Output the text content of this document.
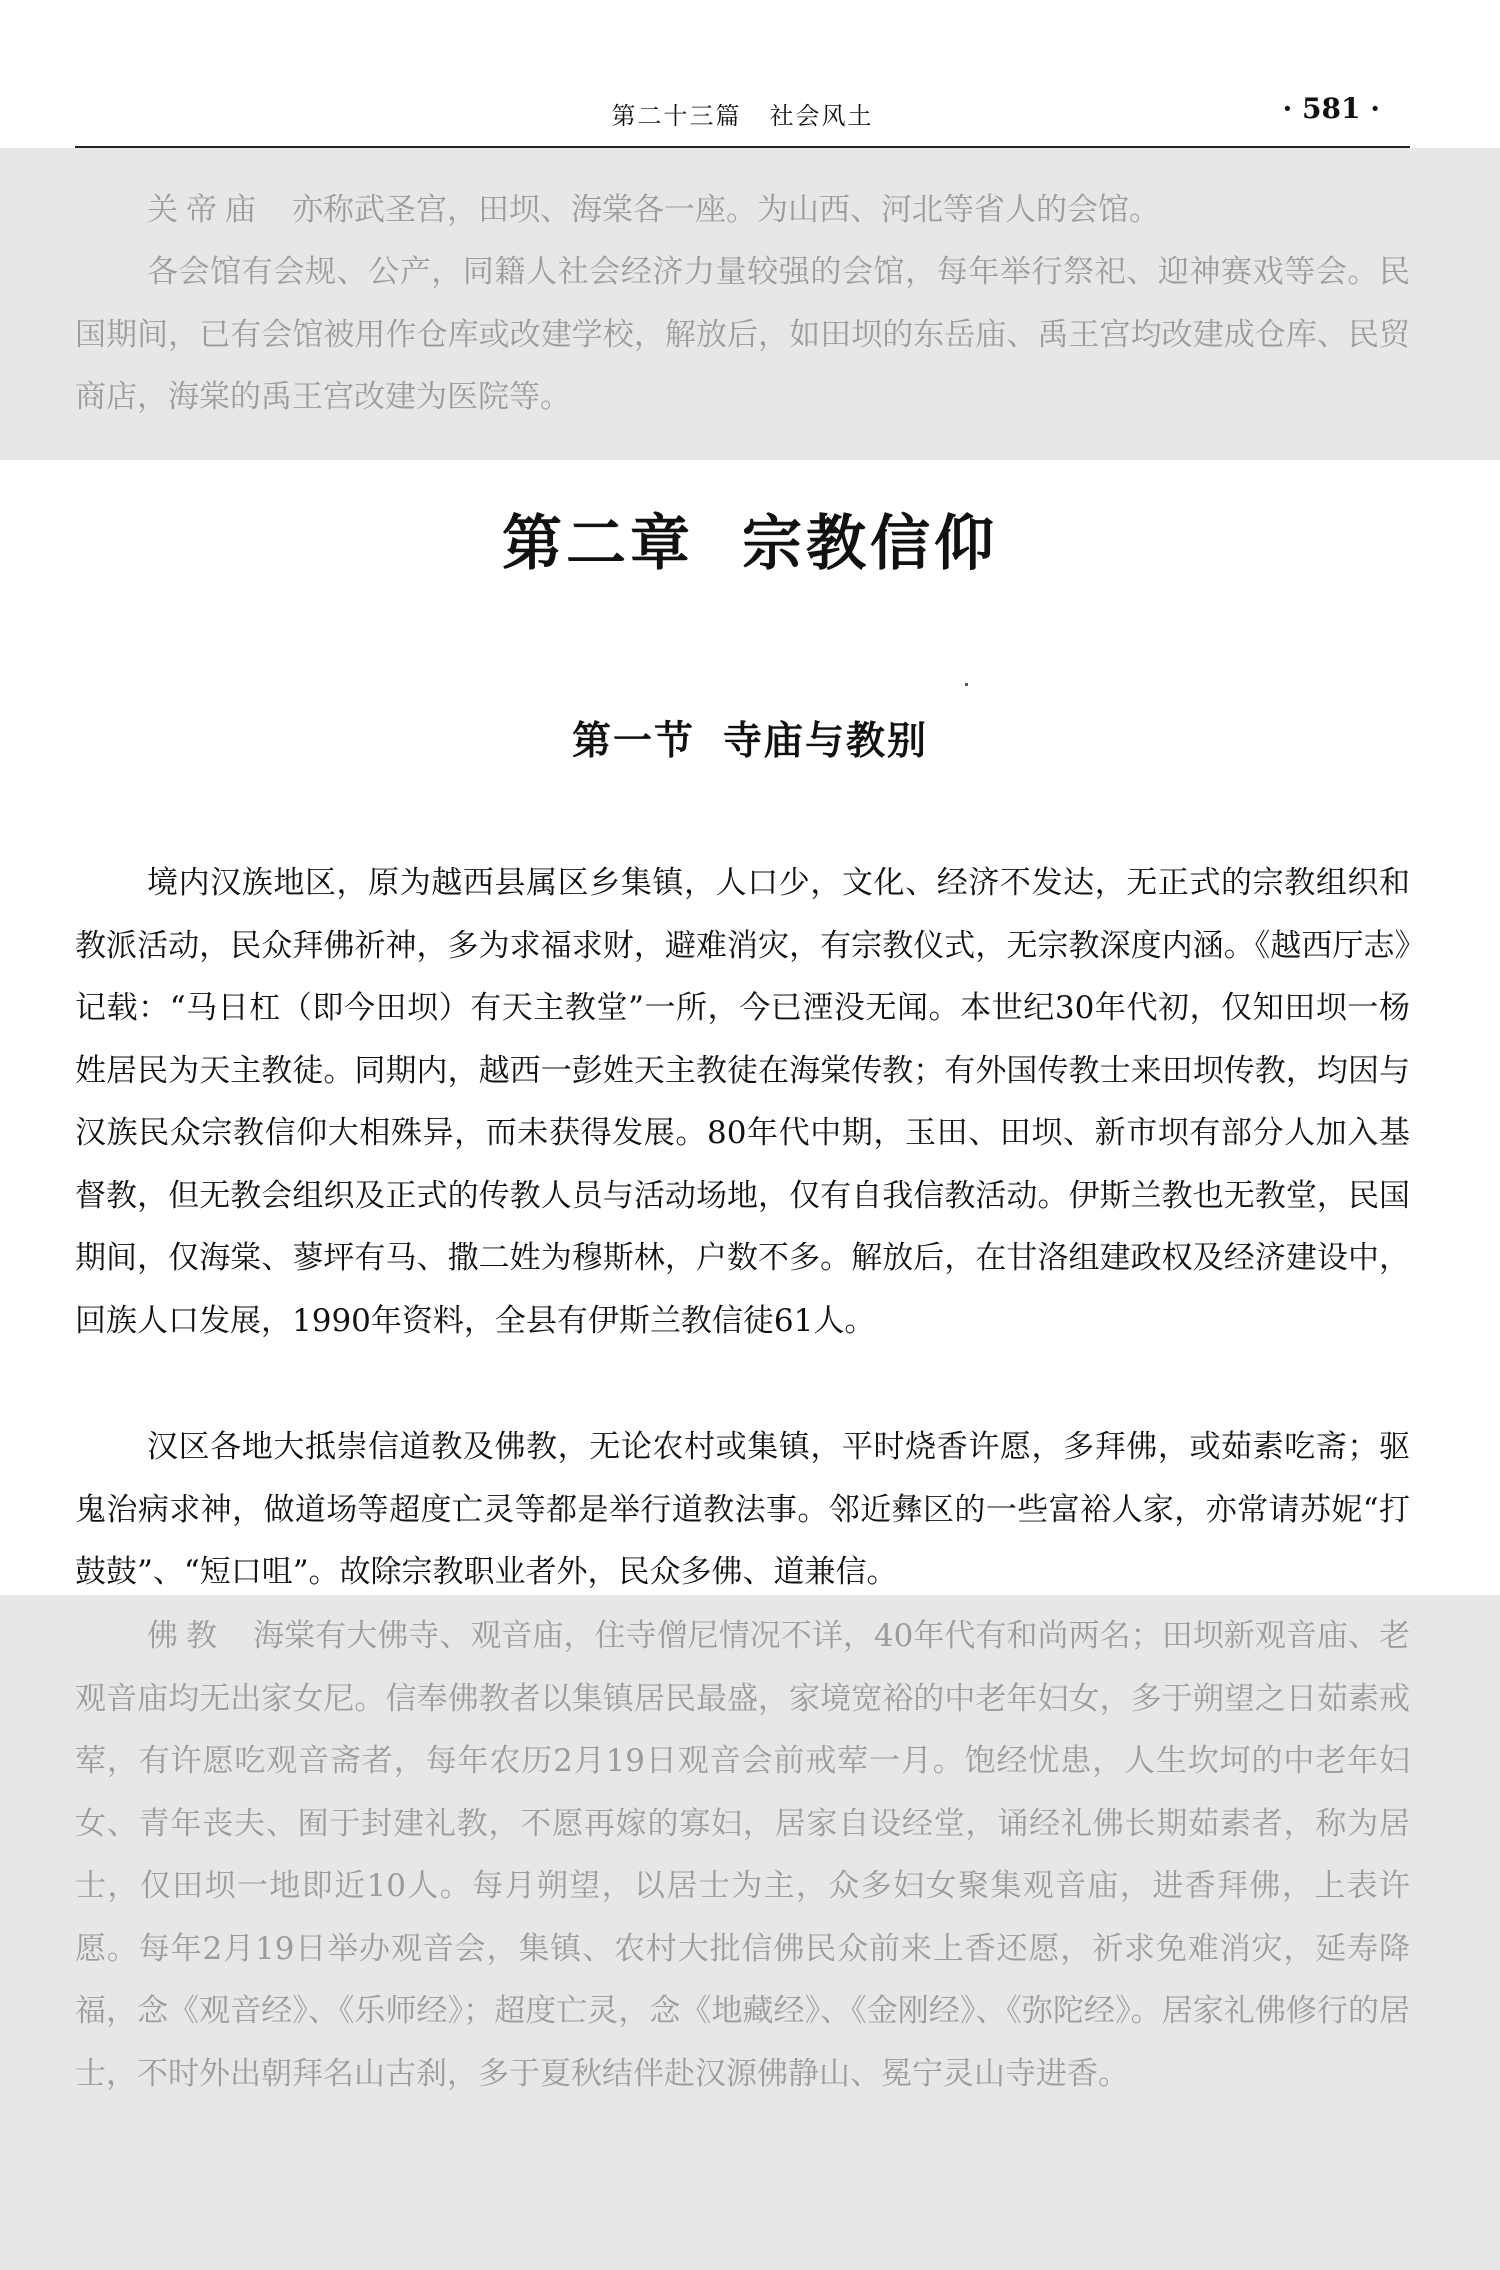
第二十三篇 社会风土	· 581 ·

关帝庙 亦称武圣宫，田坝、海棠各一座。为山西、河北等省人的会馆。

各会馆有会规、公产，同籍人社会经济力量较强的会馆，每年举行祭祀、迎神赛戏等会。民国期间，已有会馆被用作仓库或改建学校，解放后，如田坝的东岳庙、禹王宫均改建成仓库、民贸商店，海棠的禹王宫改建为医院等。

第二章 宗教信仰
第一节 寺庙与教别

境内汉族地区，原为越西县属区乡集镇，人口少，文化、经济不发达，无正式的宗教组织和教派活动，民众拜佛祈神，多为求福求财，避难消灾，有宗教仪式，无宗教深度内涵。《越西厅志》记载：“马日杠（即今田坝）有天主教堂”一所，今已湮没无闻。本世纪30年代初，仅知田坝一杨姓居民为天主教徒。同期内，越西一彭姓天主教徒在海棠传教；有外国传教士来田坝传教，均因与汉族民众宗教信仰大相殊异，而未获得发展。80年代中期，玉田、田坝、新市坝有部分人加入基督教，但无教会组织及正式的传教人员与活动场地，仅有自我信教活动。伊斯兰教也无教堂，民国期间，仅海棠、蓼坪有马、撒二姓为穆斯林，户数不多。解放后，在甘洛组建政权及经济建设中，回族人口发展，1990年资料，全县有伊斯兰教信徒61人。

汉区各地大抵崇信道教及佛教，无论农村或集镇，平时烧香许愿，多拜佛，或茹素吃斋；驱鬼治病求神，做道场等超度亡灵等都是举行道教法事。邻近彝区的一些富裕人家，亦常请苏妮“打鼓鼓”、“短口咀”。故除宗教职业者外，民众多佛、道兼信。

佛教 海棠有大佛寺、观音庙，住寺僧尼情况不详，40年代有和尚两名；田坝新观音庙、老观音庙均无出家女尼。信奉佛教者以集镇居民最盛，家境宽裕的中老年妇女，多于朔望之日茹素戒荤，有许愿吃观音斋者，每年农历2月19日观音会前戒荤一月。饱经忧患，人生坎坷的中老年妇女、青年丧夫、囿于封建礼教，不愿再嫁的寡妇，居家自设经堂，诵经礼佛长期茹素者，称为居士，仅田坝一地即近10人。每月朔望，以居士为主，众多妇女聚集观音庙，进香拜佛，上表许愿。每年2月19日举办观音会，集镇、农村大批信佛民众前来上香还愿，祈求免难消灾，延寿降福，念《观音经》、《乐师经》；超度亡灵，念《地藏经》、《金刚经》、《弥陀经》。居家礼佛修行的居士，不时外出朝拜名山古刹，多于夏秋结伴赴汉源佛静山、冕宁灵山寺进香。
